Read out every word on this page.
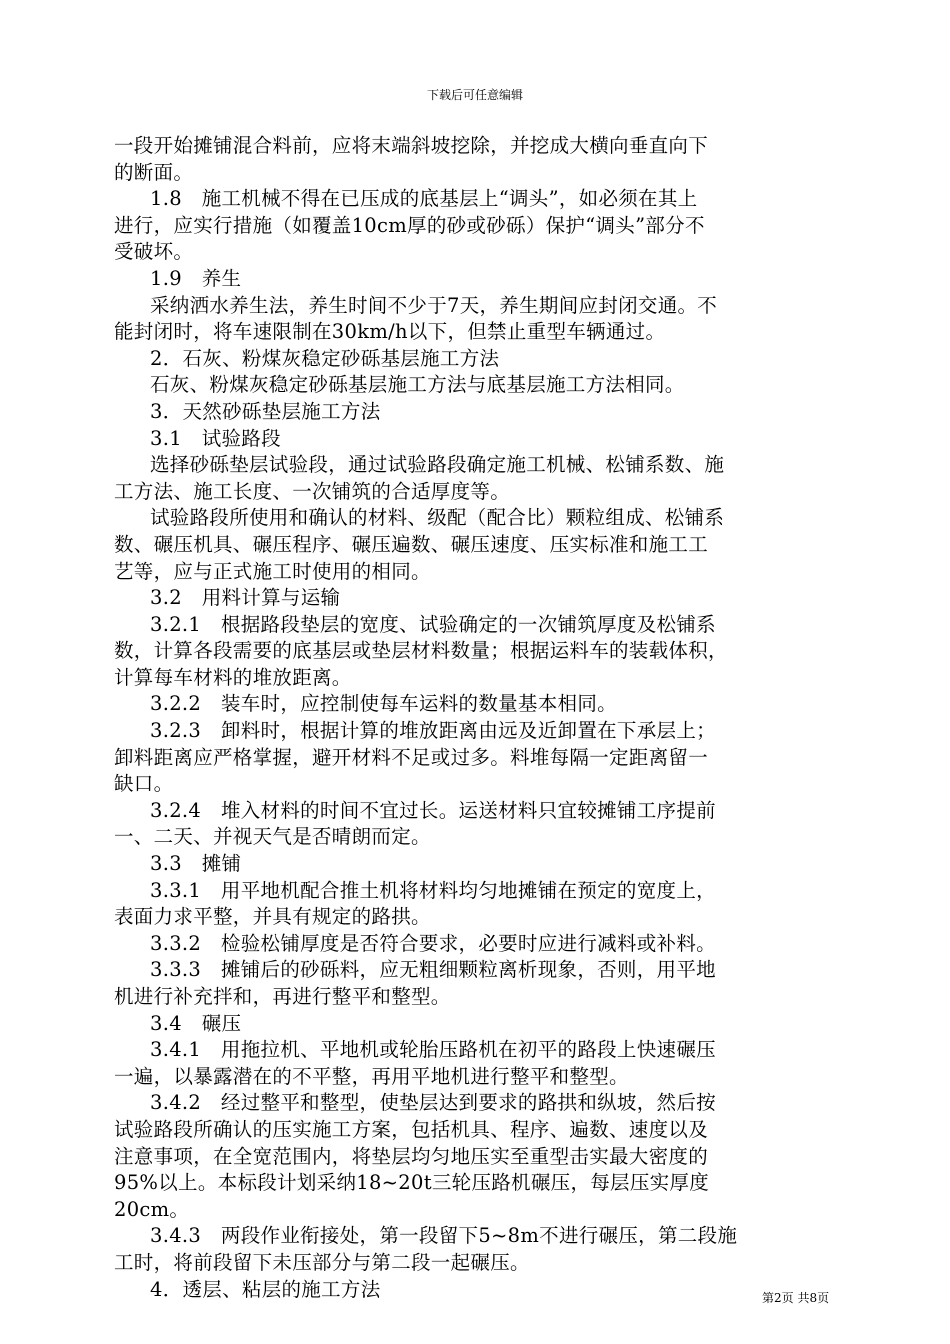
下载后可任意编辑

一段开始摊铺混合料前，应将末端斜坡挖除，并挖成大横向垂直向下

的断面。

1.8　施工机械不得在已压成的底基层上“调头”，如必须在其上

进行，应实行措施（如覆盖10cm厚的砂或砂砾）保护“调头”部分不

受破坏。

1.9　养生

采纳洒水养生法，养生时间不少于7天，养生期间应封闭交通。不

能封闭时，将车速限制在30km/h以下，但禁止重型车辆通过。

2．石灰、粉煤灰稳定砂砾基层施工方法

石灰、粉煤灰稳定砂砾基层施工方法与底基层施工方法相同。

3．天然砂砾垫层施工方法

3.1　试验路段

选择砂砾垫层试验段，通过试验路段确定施工机械、松铺系数、施

工方法、施工长度、一次铺筑的合适厚度等。

试验路段所使用和确认的材料、级配（配合比）颗粒组成、松铺系

数、碾压机具、碾压程序、碾压遍数、碾压速度、压实标准和施工工

艺等，应与正式施工时使用的相同。

3.2　用料计算与运输

3.2.1　根据路段垫层的宽度、试验确定的一次铺筑厚度及松铺系

数，计算各段需要的底基层或垫层材料数量；根据运料车的装载体积，

计算每车材料的堆放距离。

3.2.2　装车时，应控制使每车运料的数量基本相同。

3.2.3　卸料时，根据计算的堆放距离由远及近卸置在下承层上；

卸料距离应严格掌握，避开材料不足或过多。料堆每隔一定距离留一

缺口。

3.2.4　堆入材料的时间不宜过长。运送材料只宜较摊铺工序提前

一、二天、并视天气是否晴朗而定。

3.3　摊铺

3.3.1　用平地机配合推土机将材料均匀地摊铺在预定的宽度上，

表面力求平整，并具有规定的路拱。

3.3.2　检验松铺厚度是否符合要求，必要时应进行减料或补料。

3.3.3　摊铺后的砂砾料，应无粗细颗粒离析现象，否则，用平地

机进行补充拌和，再进行整平和整型。

3.4　碾压

3.4.1　用拖拉机、平地机或轮胎压路机在初平的路段上快速碾压

一遍，以暴露潜在的不平整，再用平地机进行整平和整型。

3.4.2　经过整平和整型，使垫层达到要求的路拱和纵坡，然后按

试验路段所确认的压实施工方案，包括机具、程序、遍数、速度以及

注意事项，在全宽范围内，将垫层均匀地压实至重型击实最大密度的

95%以上。本标段计划采纳18~20t三轮压路机碾压，每层压实厚度

20cm。

3.4.3　两段作业衔接处，第一段留下5~8m不进行碾压，第二段施

工时，将前段留下未压部分与第二段一起碾压。

4．透层、粘层的施工方法	第2页 共8页
